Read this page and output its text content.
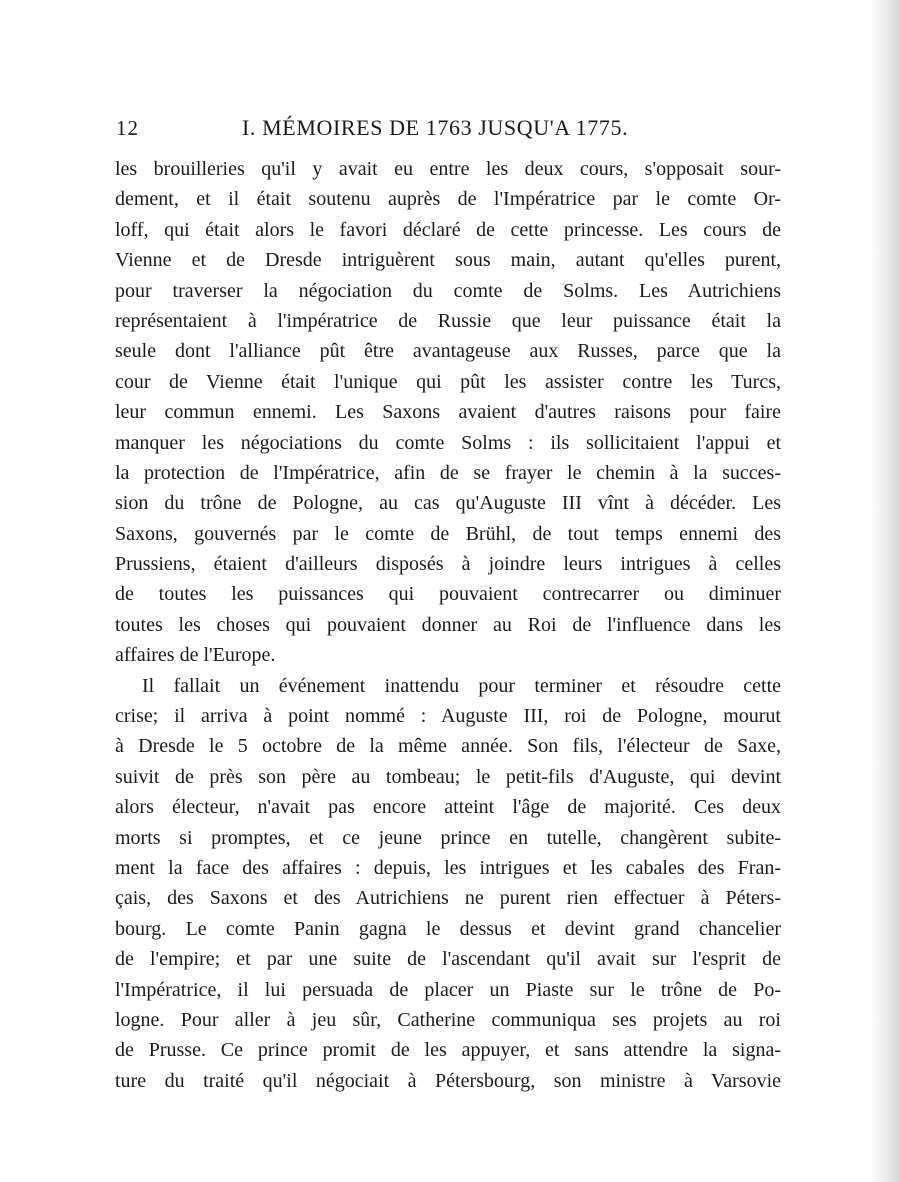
12	I. MÉMOIRES DE 1763 JUSQU'A 1775.

les brouilleries qu'il y avait eu entre les deux cours, s'opposait sour-
dement, et il était soutenu auprès de l'Impératrice par le comte Or-
loff, qui était alors le favori déclaré de cette princesse. Les cours de
Vienne et de Dresde intriguèrent sous main, autant qu'elles purent,
pour traverser la négociation du comte de Solms. Les Autrichiens
représentaient à l'impératrice de Russie que leur puissance était la
seule dont l'alliance pût être avantageuse aux Russes, parce que la
cour de Vienne était l'unique qui pût les assister contre les Turcs,
leur commun ennemi. Les Saxons avaient d'autres raisons pour faire
manquer les négociations du comte Solms : ils sollicitaient l'appui et
la protection de l'Impératrice, afin de se frayer le chemin à la succes-
sion du trône de Pologne, au cas qu'Auguste III vînt à décéder. Les
Saxons, gouvernés par le comte de Brühl, de tout temps ennemi des
Prussiens, étaient d'ailleurs disposés à joindre leurs intrigues à celles
de toutes les puissances qui pouvaient contrecarrer ou diminuer
toutes les choses qui pouvaient donner au Roi de l'influence dans les
affaires de l'Europe.

Il fallait un événement inattendu pour terminer et résoudre cette
crise; il arriva à point nommé : Auguste III, roi de Pologne, mourut
à Dresde le 5 octobre de la même année. Son fils, l'électeur de Saxe,
suivit de près son père au tombeau; le petit-fils d'Auguste, qui devint
alors électeur, n'avait pas encore atteint l'âge de majorité. Ces deux
morts si promptes, et ce jeune prince en tutelle, changèrent subite-
ment la face des affaires : depuis, les intrigues et les cabales des Fran-
çais, des Saxons et des Autrichiens ne purent rien effectuer à Péters-
bourg. Le comte Panin gagna le dessus et devint grand chancelier
de l'empire; et par une suite de l'ascendant qu'il avait sur l'esprit de
l'Impératrice, il lui persuada de placer un Piaste sur le trône de Po-
logne. Pour aller à jeu sûr, Catherine communiqua ses projets au roi
de Prusse. Ce prince promit de les appuyer, et sans attendre la signa-
ture du traité qu'il négociait à Pétersbourg, son ministre à Varsovie
